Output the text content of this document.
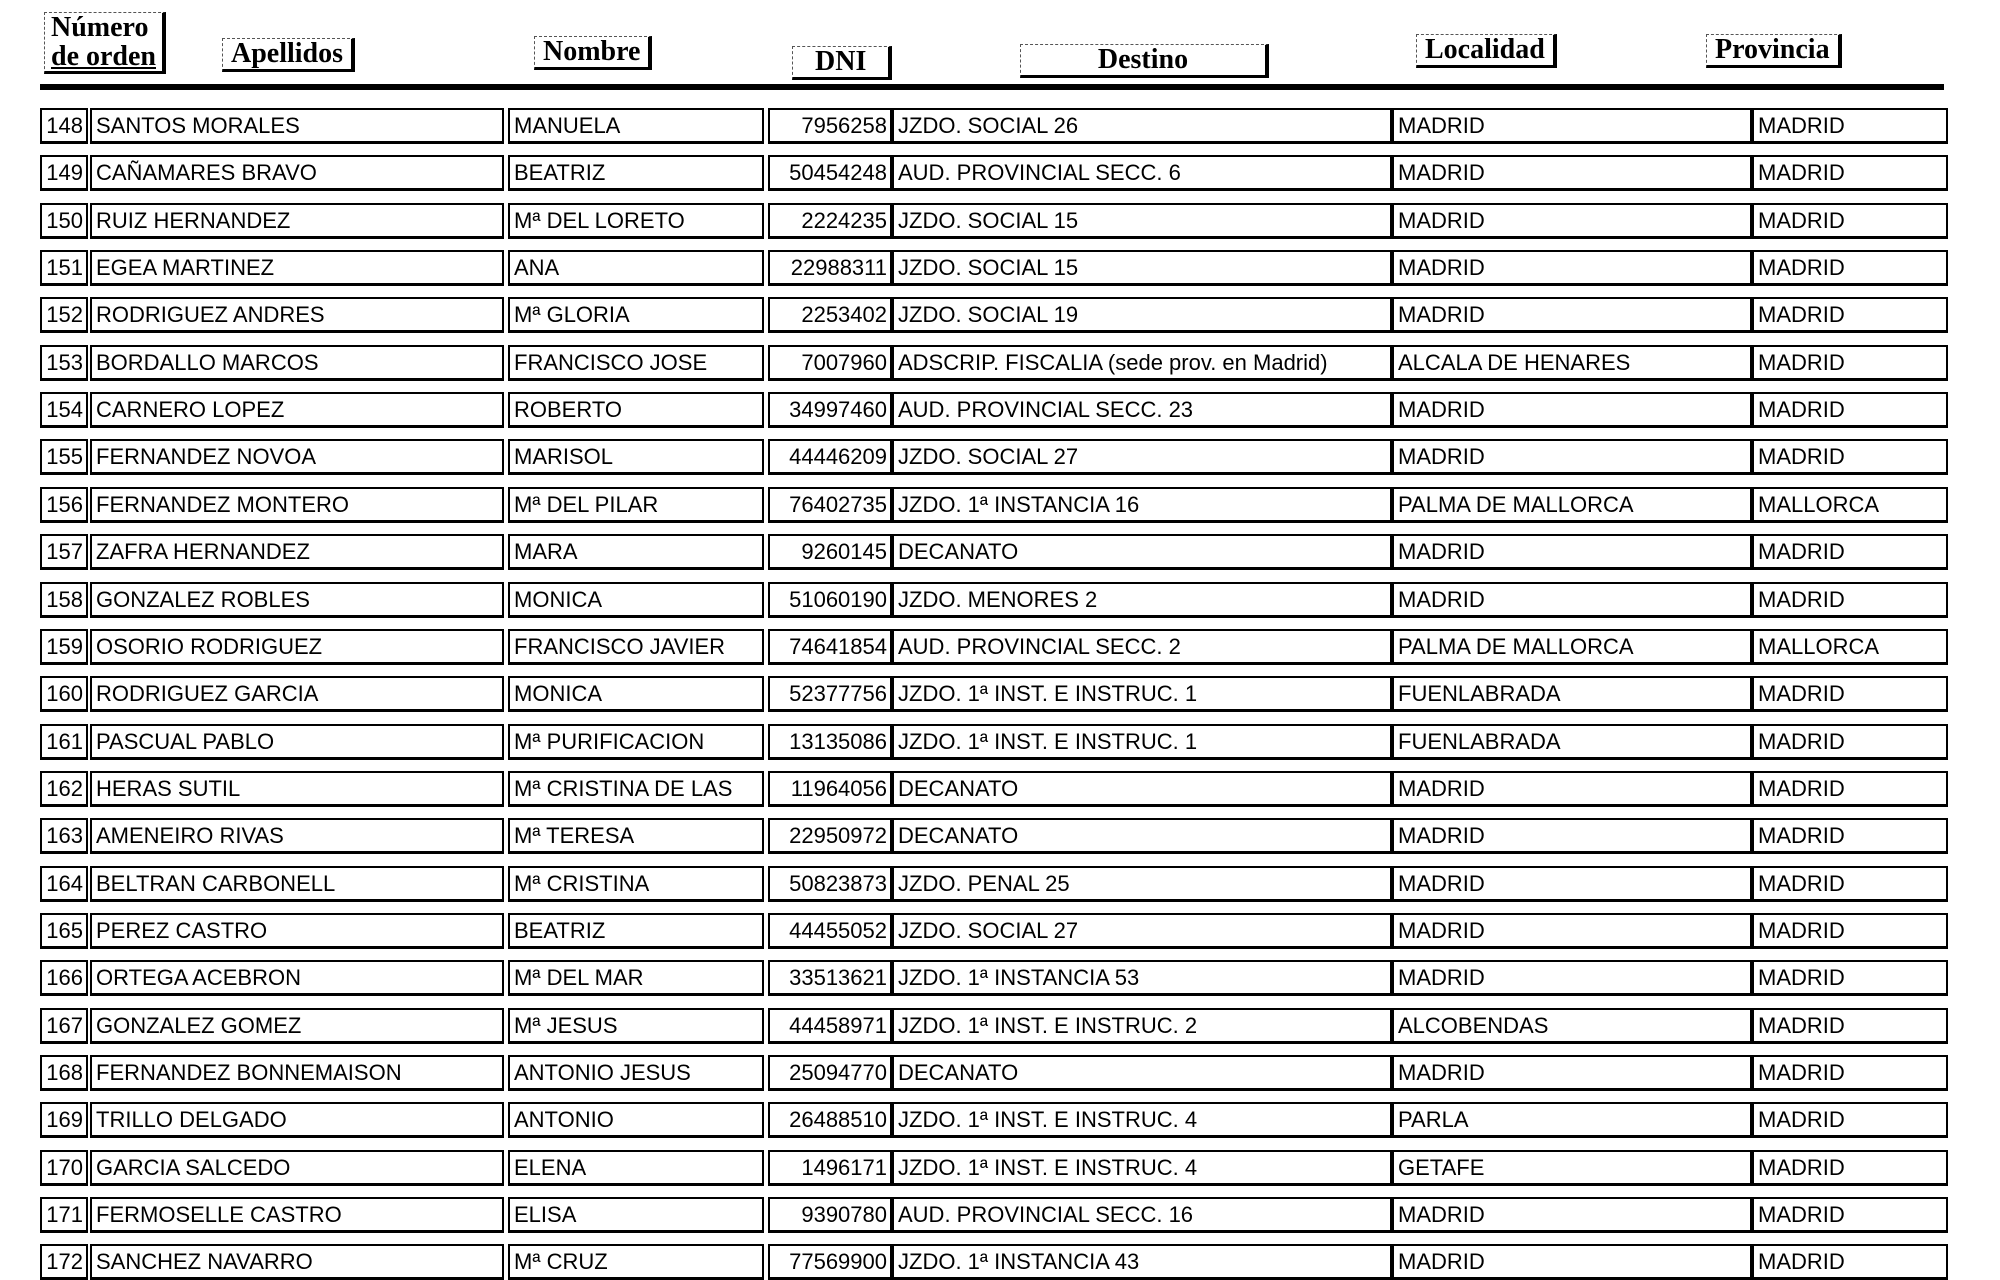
Número
de orden	Apellidos	Nombre	DNI	Destino	Localidad	Provincia
148 SANTOS MORALES	MANUELA	7956258 JZDO. SOCIAL 26	MADRID	MADRID
149 CAÑAMARES BRAVO	BEATRIZ	50454248 AUD. PROVINCIAL SECC. 6	MADRID	MADRID
150 RUIZ HERNANDEZ	Mª DEL LORETO	2224235 JZDO. SOCIAL 15	MADRID	MADRID
151 EGEA MARTINEZ	ANA	22988311 JZDO. SOCIAL 15	MADRID	MADRID
152 RODRIGUEZ ANDRES	Mª GLORIA	2253402 JZDO. SOCIAL 19	MADRID	MADRID
153 BORDALLO MARCOS	FRANCISCO JOSE	7007960 ADSCRIP. FISCALIA (sede prov. en Madrid)	ALCALA DE HENARES	MADRID
154 CARNERO LOPEZ	ROBERTO	34997460 AUD. PROVINCIAL SECC. 23	MADRID	MADRID
155 FERNANDEZ NOVOA	MARISOL	44446209 JZDO. SOCIAL 27	MADRID	MADRID
156 FERNANDEZ MONTERO	Mª DEL PILAR	76402735 JZDO. 1ª INSTANCIA 16	PALMA DE MALLORCA	MALLORCA
157 ZAFRA HERNANDEZ	MARA	9260145 DECANATO	MADRID	MADRID
158 GONZALEZ ROBLES	MONICA	51060190 JZDO. MENORES 2	MADRID	MADRID
159 OSORIO RODRIGUEZ	FRANCISCO JAVIER	74641854 AUD. PROVINCIAL SECC. 2	PALMA DE MALLORCA	MALLORCA
160 RODRIGUEZ GARCIA	MONICA	52377756 JZDO. 1ª INST. E INSTRUC. 1	FUENLABRADA	MADRID
161 PASCUAL PABLO	Mª PURIFICACION	13135086 JZDO. 1ª INST. E INSTRUC. 1	FUENLABRADA	MADRID
162 HERAS SUTIL	Mª CRISTINA DE LAS	11964056 DECANATO	MADRID	MADRID
163 AMENEIRO RIVAS	Mª TERESA	22950972 DECANATO	MADRID	MADRID
164 BELTRAN CARBONELL	Mª CRISTINA	50823873 JZDO. PENAL 25	MADRID	MADRID
165 PEREZ CASTRO	BEATRIZ	44455052 JZDO. SOCIAL 27	MADRID	MADRID
166 ORTEGA ACEBRON	Mª DEL MAR	33513621 JZDO. 1ª INSTANCIA 53	MADRID	MADRID
167 GONZALEZ GOMEZ	Mª JESUS	44458971 JZDO. 1ª INST. E INSTRUC. 2	ALCOBENDAS	MADRID
168 FERNANDEZ BONNEMAISON	ANTONIO JESUS	25094770 DECANATO	MADRID	MADRID
169 TRILLO DELGADO	ANTONIO	26488510 JZDO. 1ª INST. E INSTRUC. 4	PARLA	MADRID
170 GARCIA SALCEDO	ELENA	1496171 JZDO. 1ª INST. E INSTRUC. 4	GETAFE	MADRID
171 FERMOSELLE CASTRO	ELISA	9390780 AUD. PROVINCIAL SECC. 16	MADRID	MADRID
172 SANCHEZ NAVARRO	Mª CRUZ	77569900 JZDO. 1ª INSTANCIA 43	MADRID	MADRID
